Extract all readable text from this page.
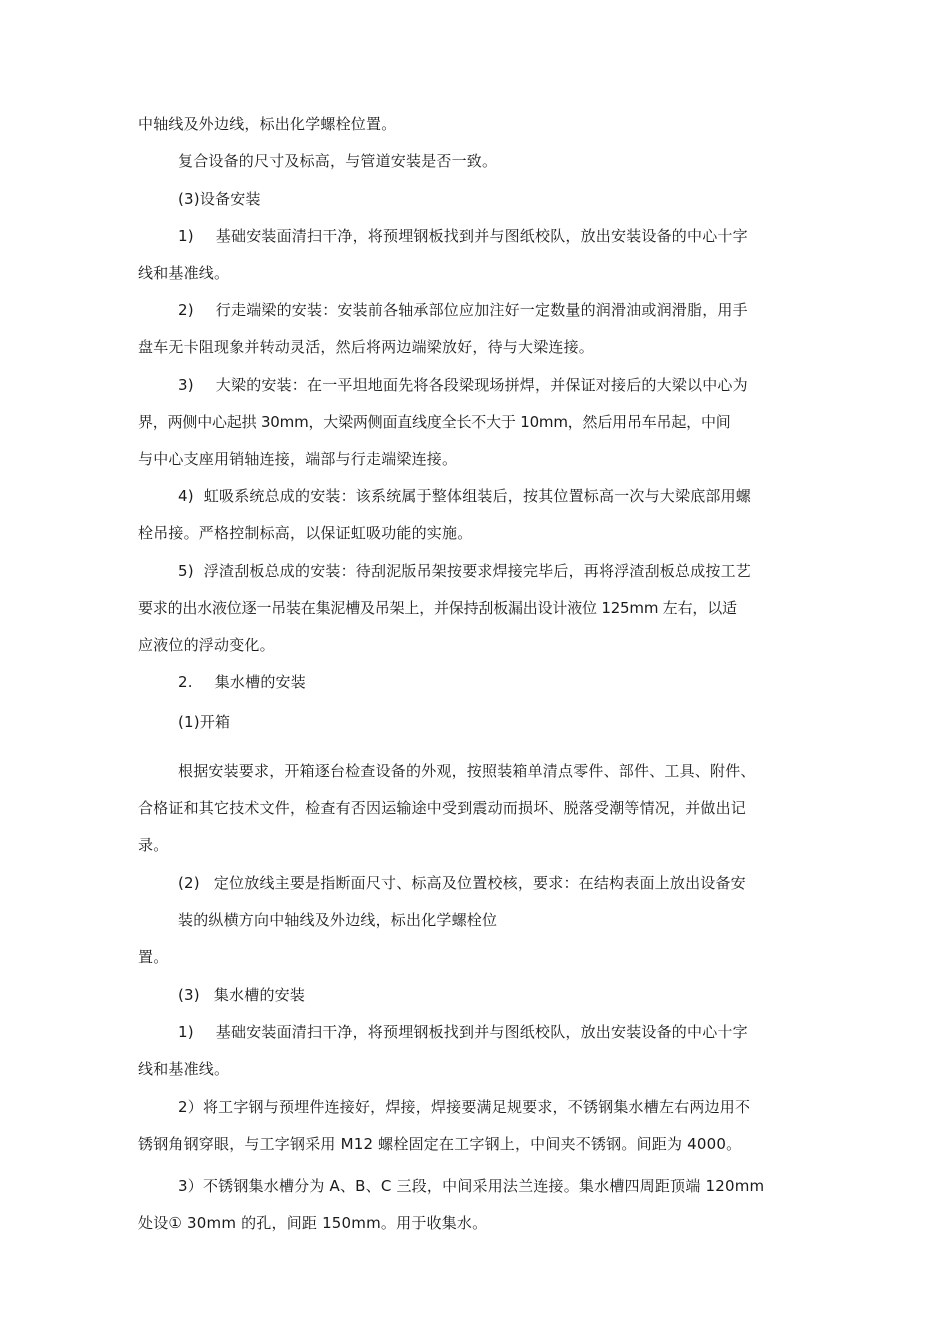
中轴线及外边线，标出化学螺栓位置。
复合设备的尺寸及标高，与管道安装是否一致。
(3)设备安装
1) 基础安装面清扫干净，将预埋钢板找到并与图纸校队，放出安装设备的中心十字
线和基准线。
2) 行走端梁的安装：安装前各轴承部位应加注好一定数量的润滑油或润滑脂，用手
盘车无卡阻现象并转动灵活，然后将两边端梁放好，待与大梁连接。
3) 大梁的安装：在一平坦地面先将各段梁现场拼焊，并保证对接后的大梁以中心为
界，两侧中心起拱 30mm，大梁两侧面直线度全长不大于 10mm，然后用吊车吊起，中间
与中心支座用销轴连接，端部与行走端梁连接。
4) 虹吸系统总成的安装：该系统属于整体组装后，按其位置标高一次与大梁底部用螺
栓吊接。严格控制标高，以保证虹吸功能的实施。
5) 浮渣刮板总成的安装：待刮泥版吊架按要求焊接完毕后，再将浮渣刮板总成按工艺
要求的出水液位逐一吊装在集泥槽及吊架上，并保持刮板漏出设计液位 125mm 左右，以适
应液位的浮动变化。
2. 集水槽的安装
(1)开箱
根据安装要求，开箱逐台检查设备的外观，按照装箱单清点零件、部件、工具、附件、
合格证和其它技术文件，检查有否因运输途中受到震动而损坏、脱落受潮等情况，并做出记
录。
(2) 定位放线主要是指断面尺寸、标高及位置校核，要求：在结构表面上放出设备安
装的纵横方向中轴线及外边线，标出化学螺栓位
置。
(3) 集水槽的安装
1) 基础安装面清扫干净，将预埋钢板找到并与图纸校队，放出安装设备的中心十字
线和基准线。
2）将工字钢与预埋件连接好，焊接，焊接要满足规要求，不锈钢集水槽左右两边用不
锈钢角钢穿眼，与工字钢采用 M12 螺栓固定在工字钢上，中间夹不锈钢。间距为 4000。
3）不锈钢集水槽分为 A、B、C 三段，中间采用法兰连接。集水槽四周距顶端 120mm
处设① 30mm 的孔，间距 150mm。用于收集水。
